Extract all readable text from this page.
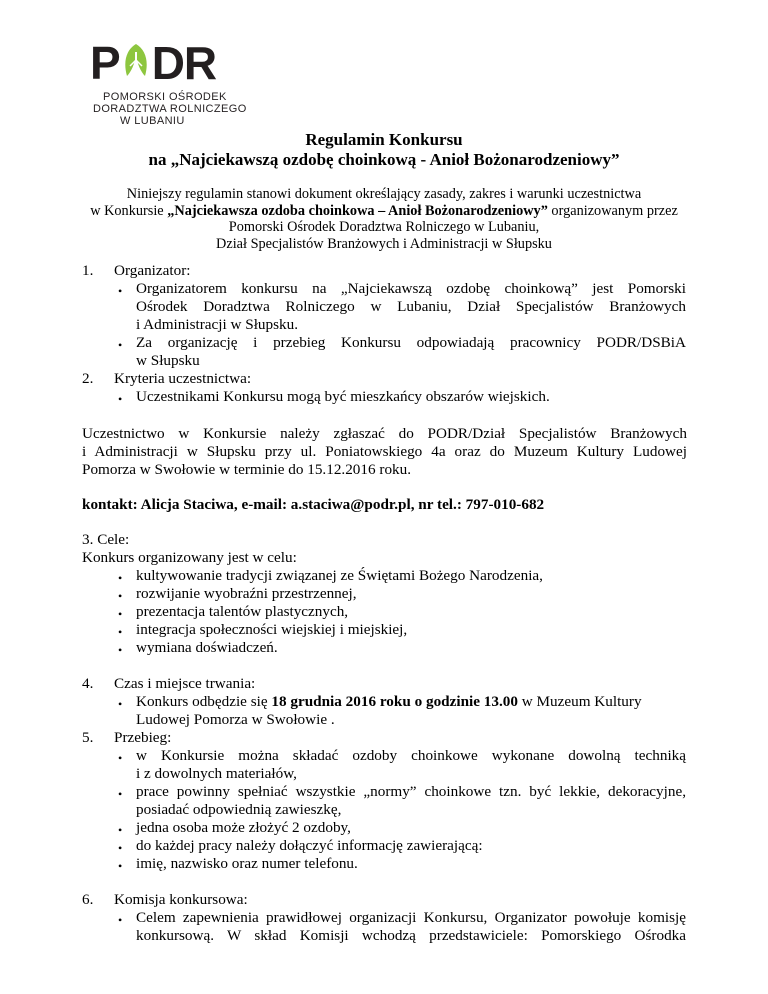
P DR
POMORSKI OŚRODEK
DORADZTWA ROLNICZEGO
W LUBANIU
Regulamin Konkursu
na „Najciekawszą ozdobę choinkową - Anioł Bożonarodzeniowy”
Niniejszy regulamin stanowi dokument określający zasady, zakres i warunki uczestnictwa
w Konkursie „Najciekawsza ozdoba choinkowa – Anioł Bożonarodzeniowy” organizowanym przez
Pomorski Ośrodek Doradztwa Rolniczego w Lubaniu,
Dział Specjalistów Branżowych i Administracji w Słupsku
1. Organizator:
• Organizatorem konkursu na „Najciekawszą ozdobę choinkową” jest Pomorski
Ośrodek Doradztwa Rolniczego w Lubaniu, Dział Specjalistów Branżowych
i Administracji w Słupsku.
• Za organizację i przebieg Konkursu odpowiadają pracownicy PODR/DSBiA
w Słupsku
2. Kryteria uczestnictwa:
• Uczestnikami Konkursu mogą być mieszkańcy obszarów wiejskich.
Uczestnictwo w Konkursie należy zgłaszać do PODR/Dział Specjalistów Branżowych
i Administracji w Słupsku przy ul. Poniatowskiego 4a oraz do Muzeum Kultury Ludowej
Pomorza w Swołowie w terminie do 15.12.2016 roku.
kontakt: Alicja Staciwa, e-mail: a.staciwa@podr.pl, nr tel.: 797-010-682
3. Cele:
Konkurs organizowany jest w celu:
• kultywowanie tradycji związanej ze Świętami Bożego Narodzenia,
• rozwijanie wyobraźni przestrzennej,
• prezentacja talentów plastycznych,
• integracja społeczności wiejskiej i miejskiej,
• wymiana doświadczeń.
4. Czas i miejsce trwania:
• Konkurs odbędzie się 18 grudnia 2016 roku o godzinie 13.00 w Muzeum Kultury
Ludowej Pomorza w Swołowie .
5. Przebieg:
• w Konkursie można składać ozdoby choinkowe wykonane dowolną techniką
i z dowolnych materiałów,
• prace powinny spełniać wszystkie „normy” choinkowe tzn. być lekkie, dekoracyjne,
posiadać odpowiednią zawieszkę,
• jedna osoba może złożyć 2 ozdoby,
• do każdej pracy należy dołączyć informację zawierającą:
• imię, nazwisko oraz numer telefonu.
6. Komisja konkursowa:
• Celem zapewnienia prawidłowej organizacji Konkursu, Organizator powołuje komisję
konkursową. W skład Komisji wchodzą przedstawiciele: Pomorskiego Ośrodka
